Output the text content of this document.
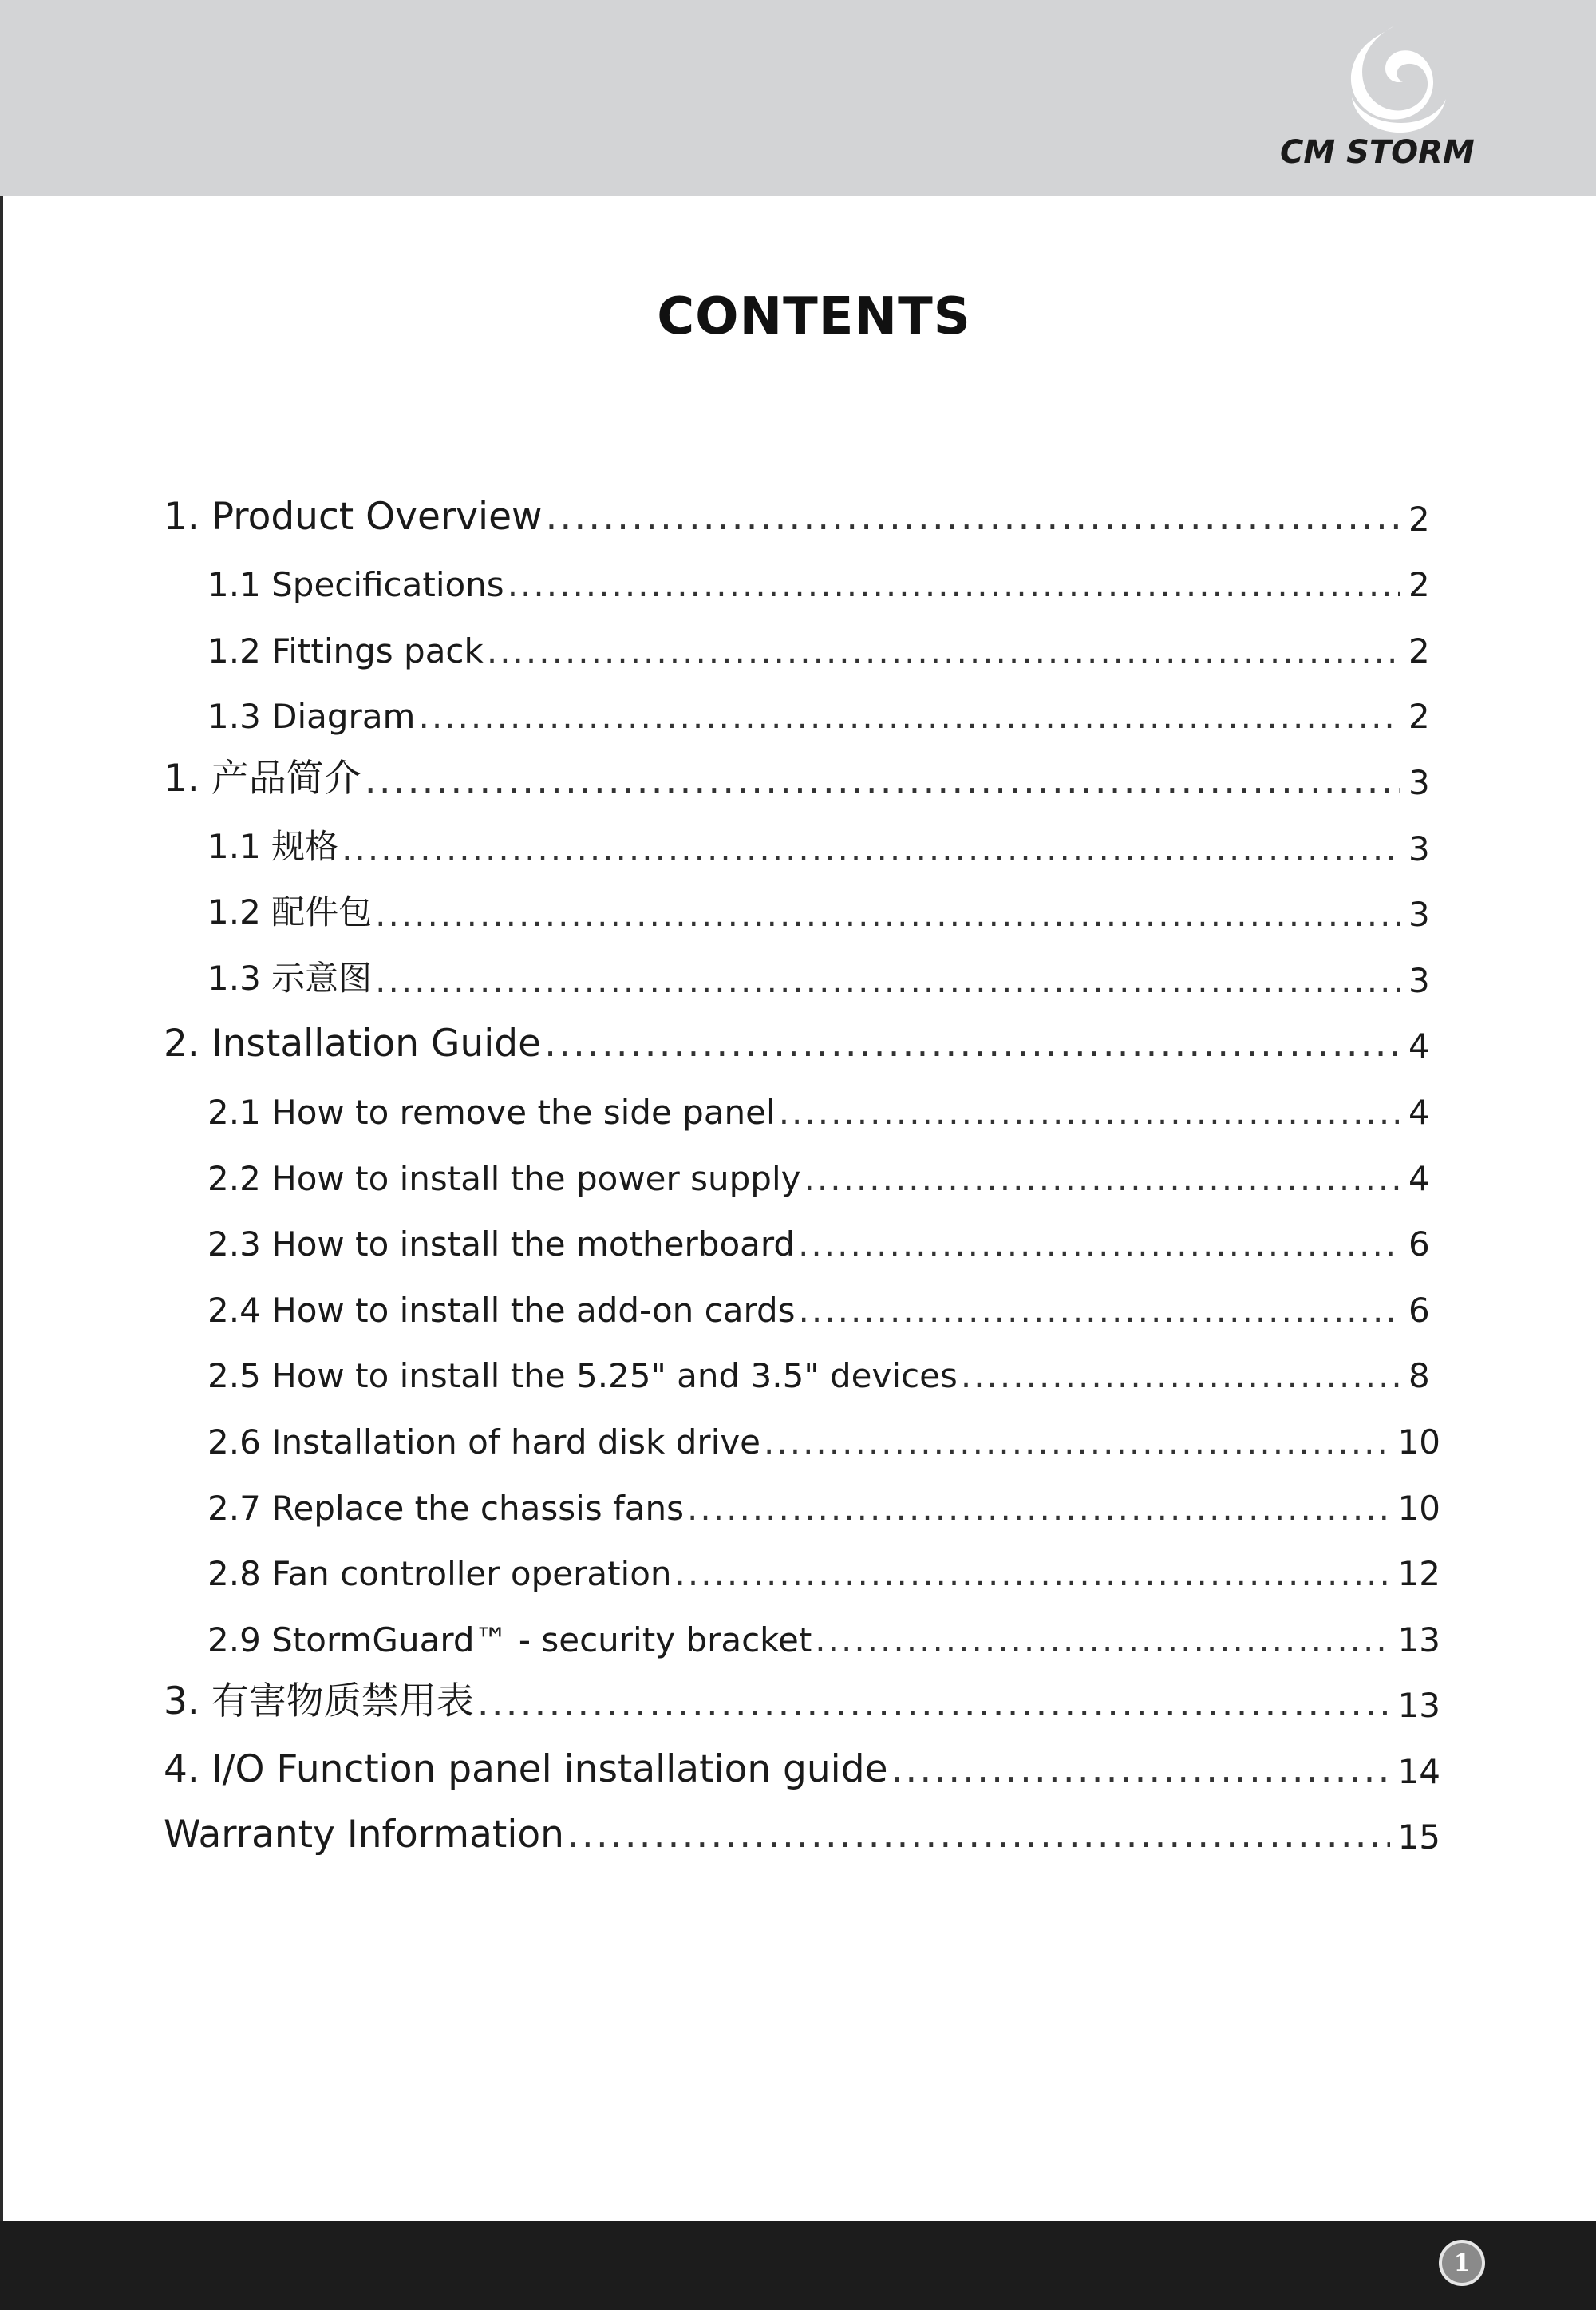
CM STORM
CONTENTS
1. Product Overview .....	2
1.1 Specifications .....	2
1.2 Fittings pack .....	2
1.3 Diagram .....	2
1. 产品简介 .....	3
1.1 规格 .....	3
1.2 配件包 .....	3
1.3 示意图 .....	3
2. Installation Guide .....	4
2.1 How to remove the side panel .....	4
2.2 How to install the power supply .....	4
2.3 How to install the motherboard .....	6
2.4 How to install the add-on cards .....	6
2.5 How to install the 5.25" and 3.5" devices .....	8
2.6 Installation of hard disk drive .....	10
2.7 Replace the chassis fans .....	10
2.8 Fan controller operation .....	12
2.9 StormGuard™ - security bracket .....	13
3. 有害物质禁用表 .....	13
4. I/O Function panel installation guide .....	14
Warranty Information .....	15
1
